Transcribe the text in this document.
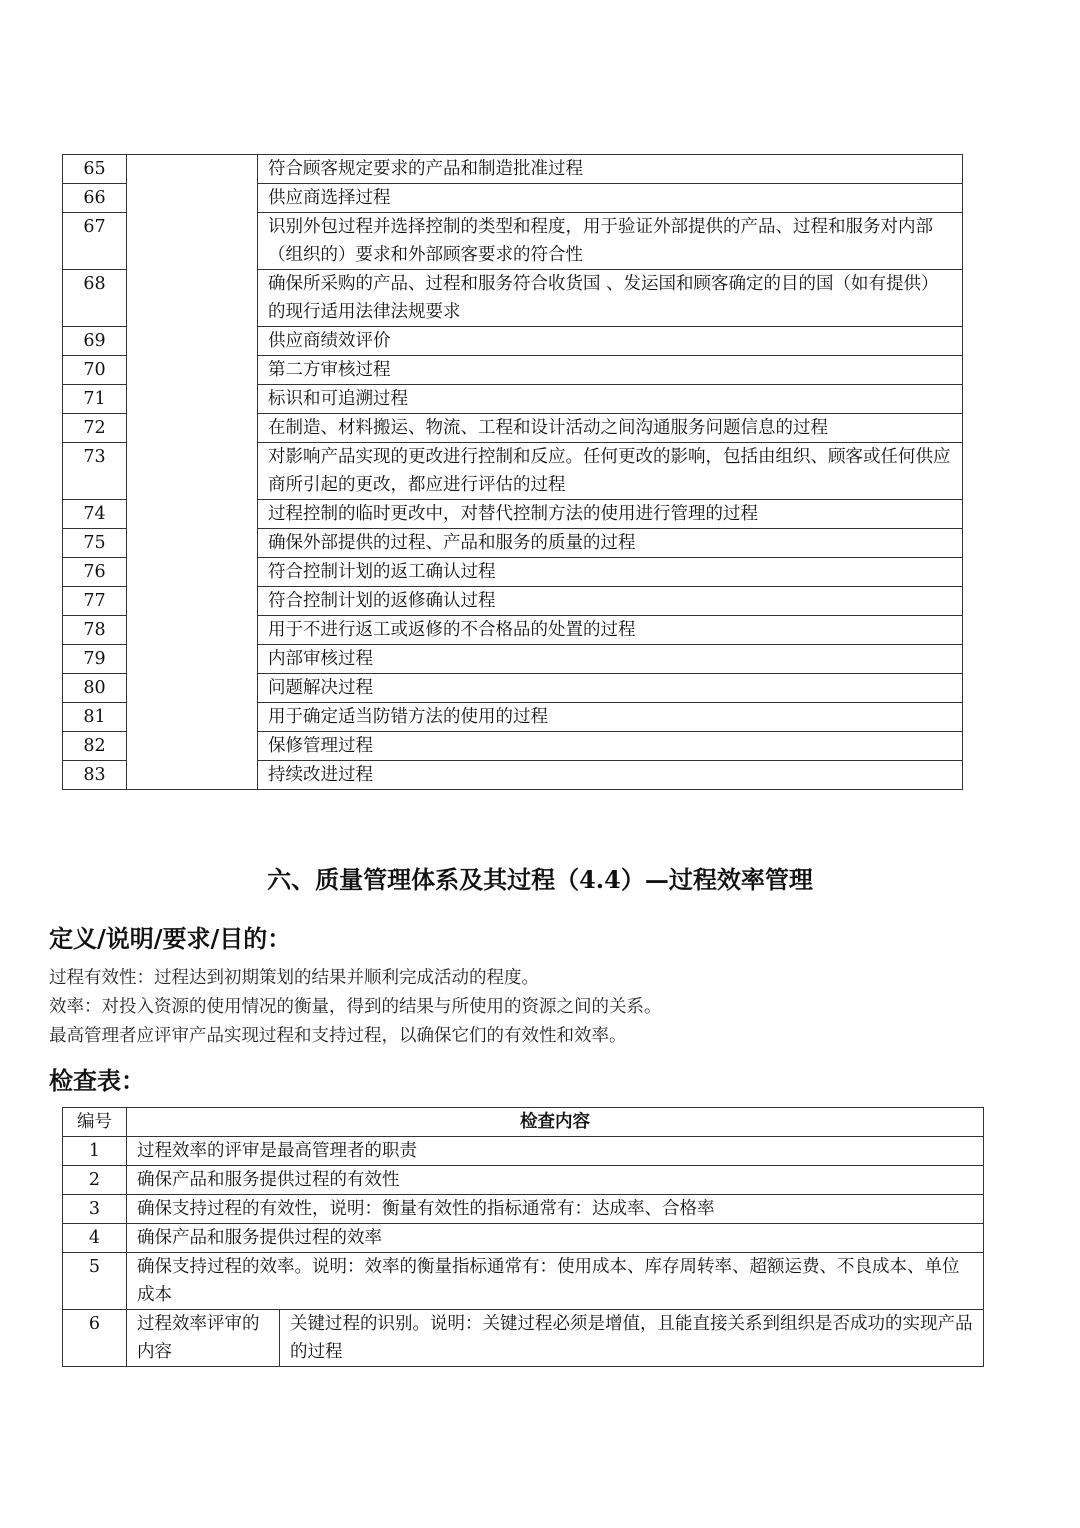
65		符合顾客规定要求的产品和制造批准过程
66		供应商选择过程
67		识别外包过程并选择控制的类型和程度，用于验证外部提供的产品、过程和服务对内部（组织的）要求和外部顾客要求的符合性
68		确保所采购的产品、过程和服务符合收货国 、发运国和顾客确定的目的国（如有提供）的现行适用法律法规要求
69		供应商绩效评价
70		第二方审核过程
71		标识和可追溯过程
72		在制造、材料搬运、物流、工程和设计活动之间沟通服务问题信息的过程
73		对影响产品实现的更改进行控制和反应。任何更改的影响，包括由组织、顾客或任何供应商所引起的更改，都应进行评估的过程
74		过程控制的临时更改中，对替代控制方法的使用进行管理的过程
75		确保外部提供的过程、产品和服务的质量的过程
76		符合控制计划的返工确认过程
77		符合控制计划的返修确认过程
78		用于不进行返工或返修的不合格品的处置的过程
79		内部审核过程
80		问题解决过程
81		用于确定适当防错方法的使用的过程
82		保修管理过程
83		持续改进过程
六、质量管理体系及其过程（4.4）—过程效率管理
定义/说明/要求/目的：
过程有效性：过程达到初期策划的结果并顺利完成活动的程度。
效率：对投入资源的使用情况的衡量，得到的结果与所使用的资源之间的关系。
最高管理者应评审产品实现过程和支持过程，以确保它们的有效性和效率。
检查表：
编号	检查内容	
1	过程效率的评审是最高管理者的职责	
2	确保产品和服务提供过程的有效性	
3	确保支持过程的有效性，说明：衡量有效性的指标通常有：达成率、合格率	
4	确保产品和服务提供过程的效率	
5	确保支持过程的效率。说明：效率的衡量指标通常有：使用成本、库存周转率、超额运费、不良成本、单位成本	
6	过程效率评审的内容	关键过程的识别。说明：关键过程必须是增值，且能直接关系到组织是否成功的实现产品的过程
